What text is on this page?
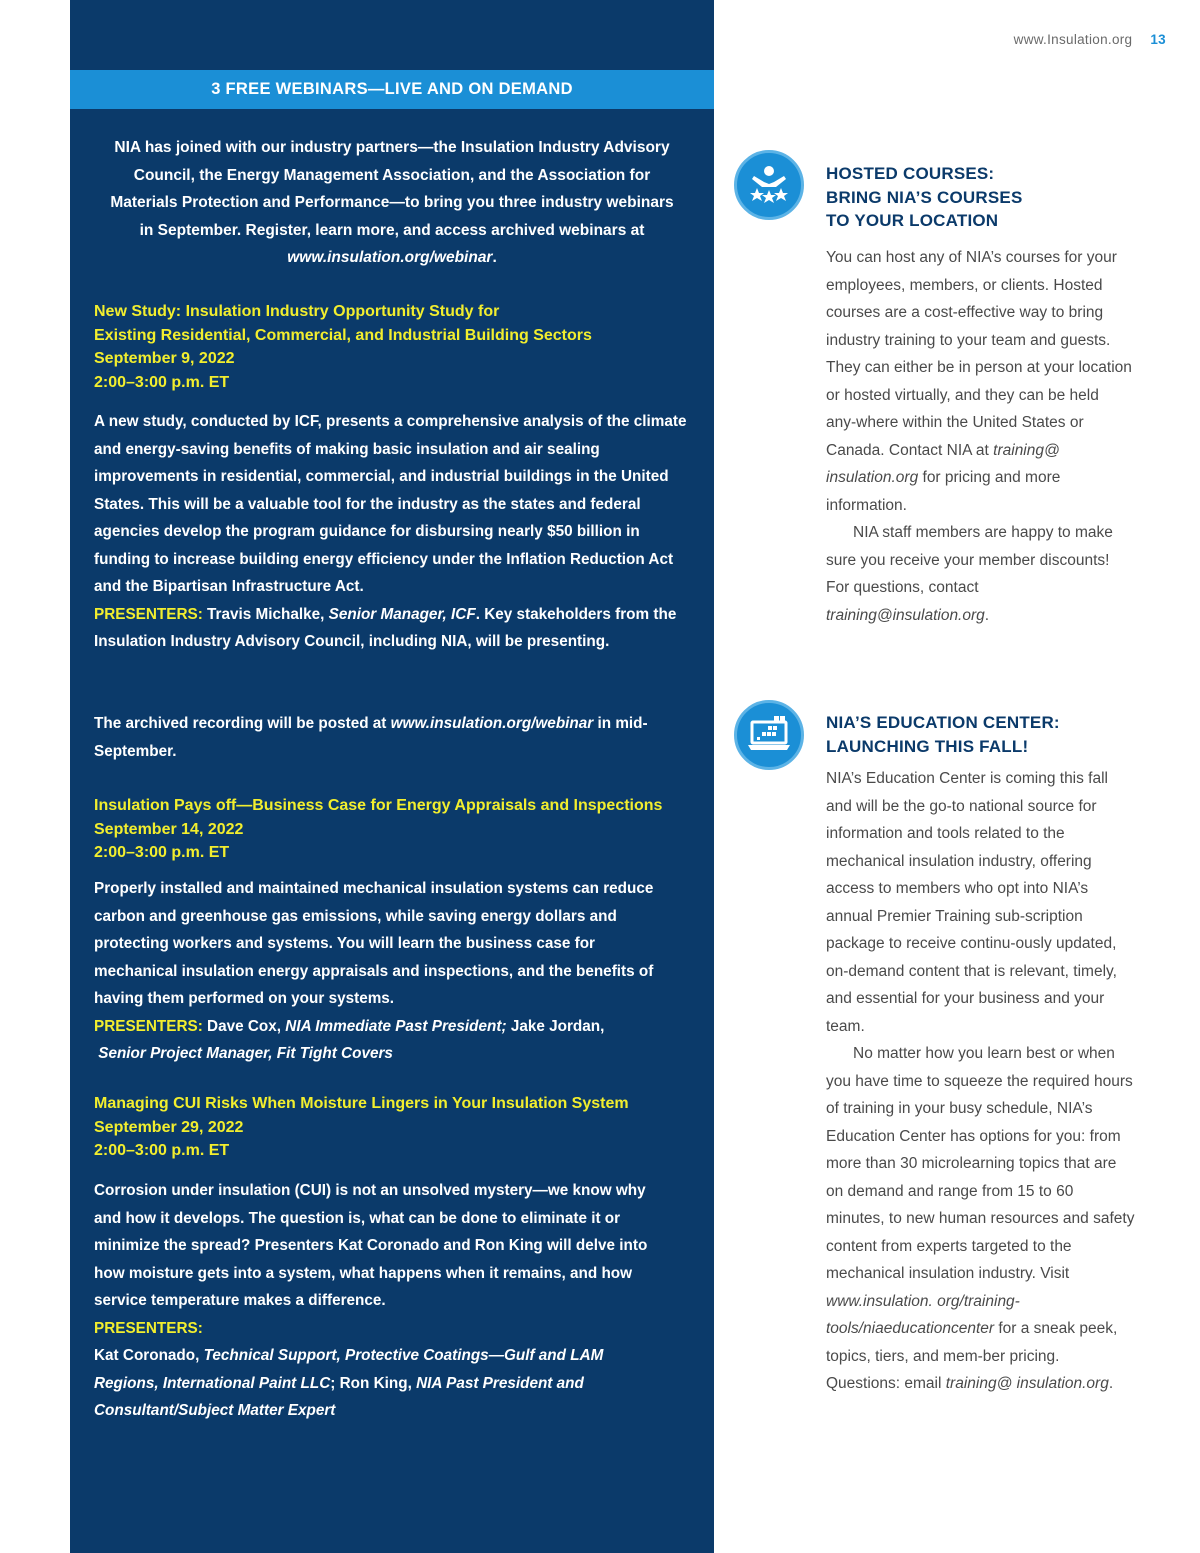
www.Insulation.org 13
3 FREE WEBINARS—LIVE AND ON DEMAND
NIA has joined with our industry partners—the Insulation Industry Advisory Council, the Energy Management Association, and the Association for Materials Protection and Performance—to bring you three industry webinars in September. Register, learn more, and access archived webinars at www.insulation.org/webinar.
New Study: Insulation Industry Opportunity Study for
Existing Residential, Commercial, and Industrial Building Sectors
September 9, 2022
2:00–3:00 p.m. ET
A new study, conducted by ICF, presents a comprehensive analysis of the climate and energy-saving benefits of making basic insulation and air sealing improvements in residential, commercial, and industrial buildings in the United States. This will be a valuable tool for the industry as the states and federal agencies develop the program guidance for disbursing nearly $50 billion in funding to increase building energy efficiency under the Inflation Reduction Act and the Bipartisan Infrastructure Act.
PRESENTERS: Travis Michalke, Senior Manager, ICF. Key stakeholders from the Insulation Industry Advisory Council, including NIA, will be presenting.
The archived recording will be posted at www.insulation.org/webinar in mid-September.
Insulation Pays off—Business Case for Energy Appraisals and Inspections
September 14, 2022
2:00–3:00 p.m. ET
Properly installed and maintained mechanical insulation systems can reduce carbon and greenhouse gas emissions, while saving energy dollars and protecting workers and systems. You will learn the business case for mechanical insulation energy appraisals and inspections, and the benefits of having them performed on your systems.
PRESENTERS: Dave Cox, NIA Immediate Past President; Jake Jordan,
Senior Project Manager, Fit Tight Covers
Managing CUI Risks When Moisture Lingers in Your Insulation System
September 29, 2022
2:00–3:00 p.m. ET
Corrosion under insulation (CUI) is not an unsolved mystery—we know why and how it develops. The question is, what can be done to eliminate it or minimize the spread? Presenters Kat Coronado and Ron King will delve into how moisture gets into a system, what happens when it remains, and how service temperature makes a difference.
PRESENTERS:
Kat Coronado, Technical Support, Protective Coatings—Gulf and LAM Regions, International Paint LLC; Ron King, NIA Past President and Consultant/Subject Matter Expert
HOSTED COURSES:
BRING NIA’S COURSES
TO YOUR LOCATION
You can host any of NIA’s courses for your employees, members, or clients. Hosted courses are a cost-effective way to bring industry training to your team and guests. They can either be in person at your location or hosted virtually, and they can be held any-where within the United States or Canada. Contact NIA at training@ insulation.org for pricing and more information.
NIA staff members are happy to make sure you receive your member discounts! For questions, contact training@insulation.org.
NIA’S EDUCATION CENTER:
LAUNCHING THIS FALL!
NIA’s Education Center is coming this fall and will be the go-to national source for information and tools related to the mechanical insulation industry, offering access to members who opt into NIA’s annual Premier Training sub-scription package to receive continu-ously updated, on-demand content that is relevant, timely, and essential for your business and your team.
No matter how you learn best or when you have time to squeeze the required hours of training in your busy schedule, NIA’s Education Center has options for you: from more than 30 microlearning topics that are on demand and range from 15 to 60 minutes, to new human resources and safety content from experts targeted to the mechanical insulation industry. Visit www.insulation. org/training-tools/niaeducationcenter for a sneak peek, topics, tiers, and mem-ber pricing. Questions: email training@ insulation.org.
